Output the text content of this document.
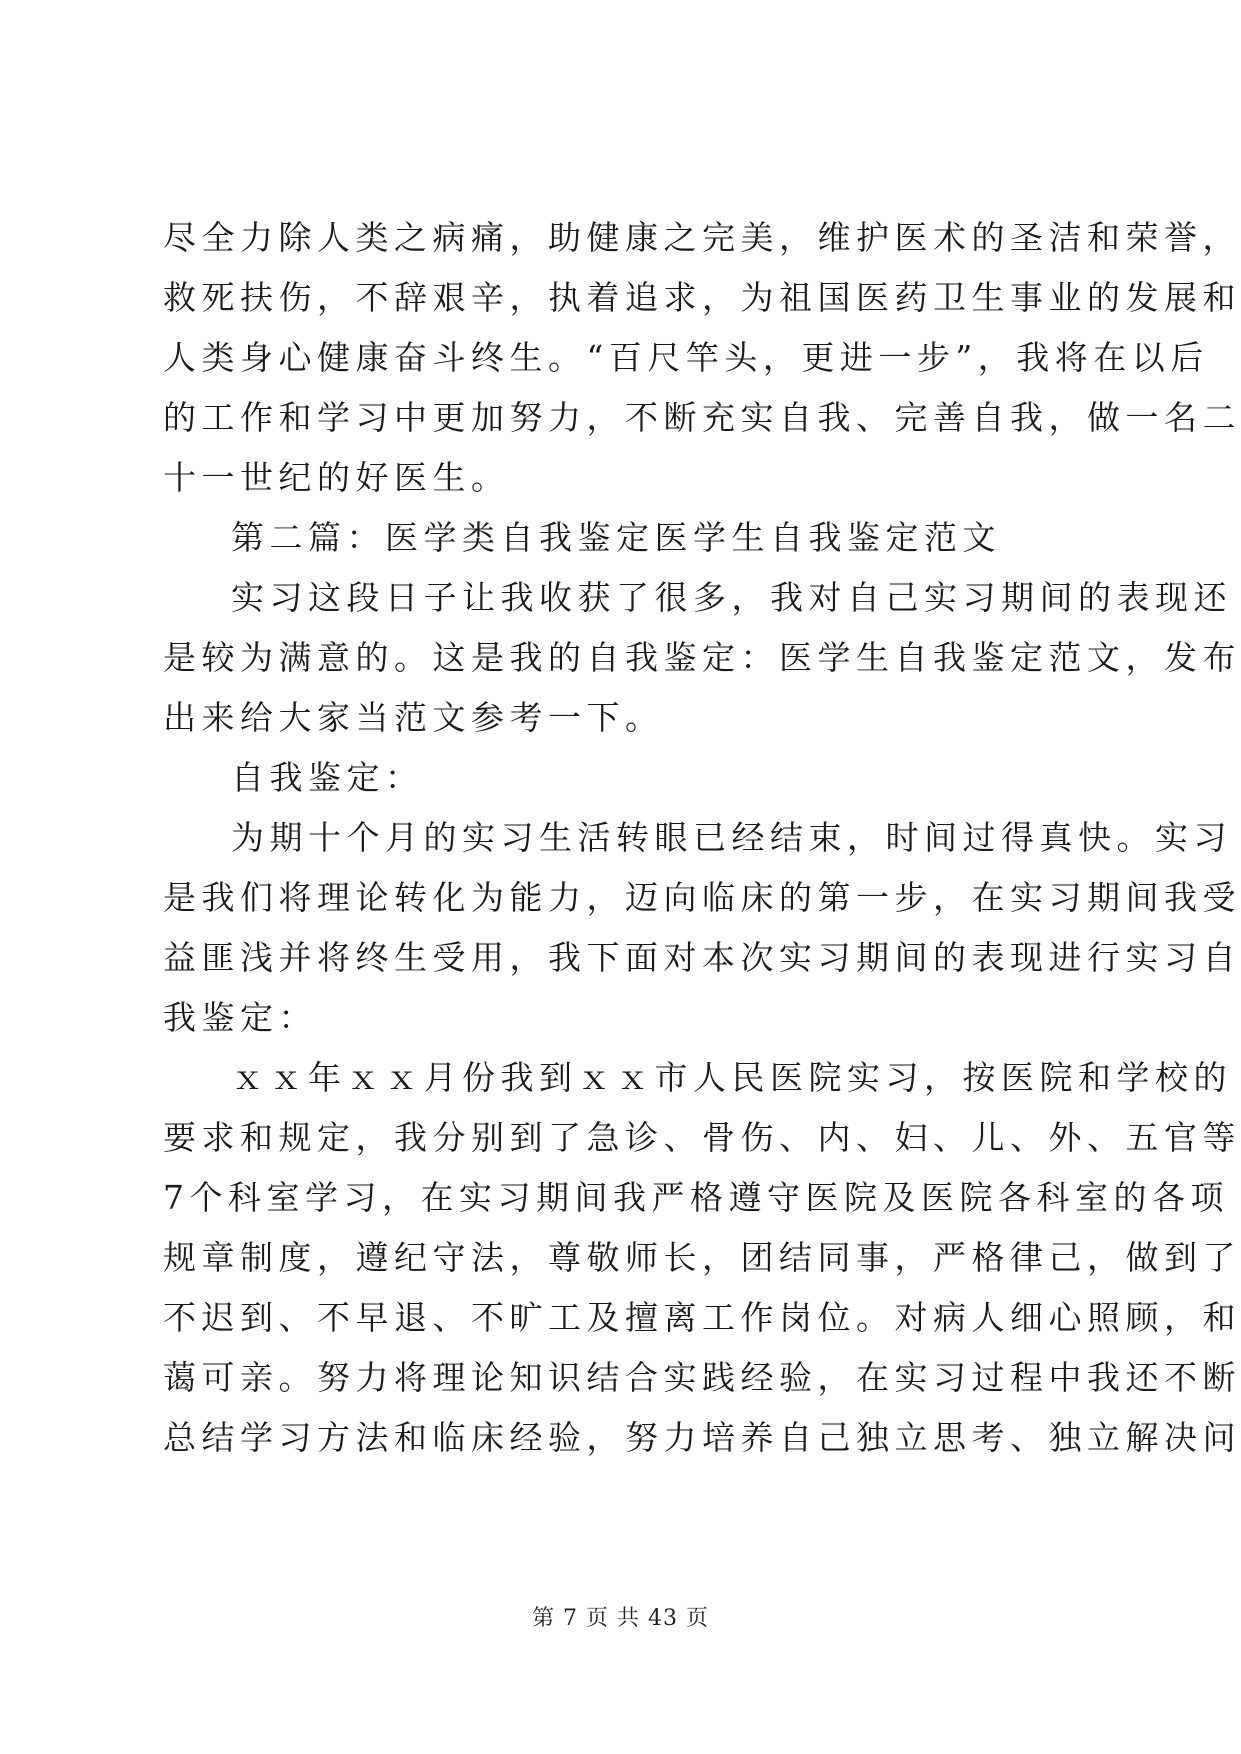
尽全力除人类之病痛，助健康之完美，维护医术的圣洁和荣誉，
救死扶伤，不辞艰辛，执着追求，为祖国医药卫生事业的发展和
人类身心健康奋斗终生。“百尺竿头，更进一步”，我将在以后
的工作和学习中更加努力，不断充实自我、完善自我，做一名二
十一世纪的好医生。
第二篇：医学类自我鉴定医学生自我鉴定范文
实习这段日子让我收获了很多，我对自己实习期间的表现还
是较为满意的。这是我的自我鉴定：医学生自我鉴定范文，发布
出来给大家当范文参考一下。
自我鉴定：
为期十个月的实习生活转眼已经结束，时间过得真快。实习
是我们将理论转化为能力，迈向临床的第一步，在实习期间我受
益匪浅并将终生受用，我下面对本次实习期间的表现进行实习自
我鉴定：
ｘｘ年ｘｘ月份我到ｘｘ市人民医院实习，按医院和学校的
要求和规定，我分别到了急诊、骨伤、内、妇、儿、外、五官等
7个科室学习，在实习期间我严格遵守医院及医院各科室的各项
规章制度，遵纪守法，尊敬师长，团结同事，严格律己，做到了
不迟到、不早退、不旷工及擅离工作岗位。对病人细心照顾，和
蔼可亲。努力将理论知识结合实践经验，在实习过程中我还不断
总结学习方法和临床经验，努力培养自己独立思考、独立解决问
第 7 页 共 43 页
